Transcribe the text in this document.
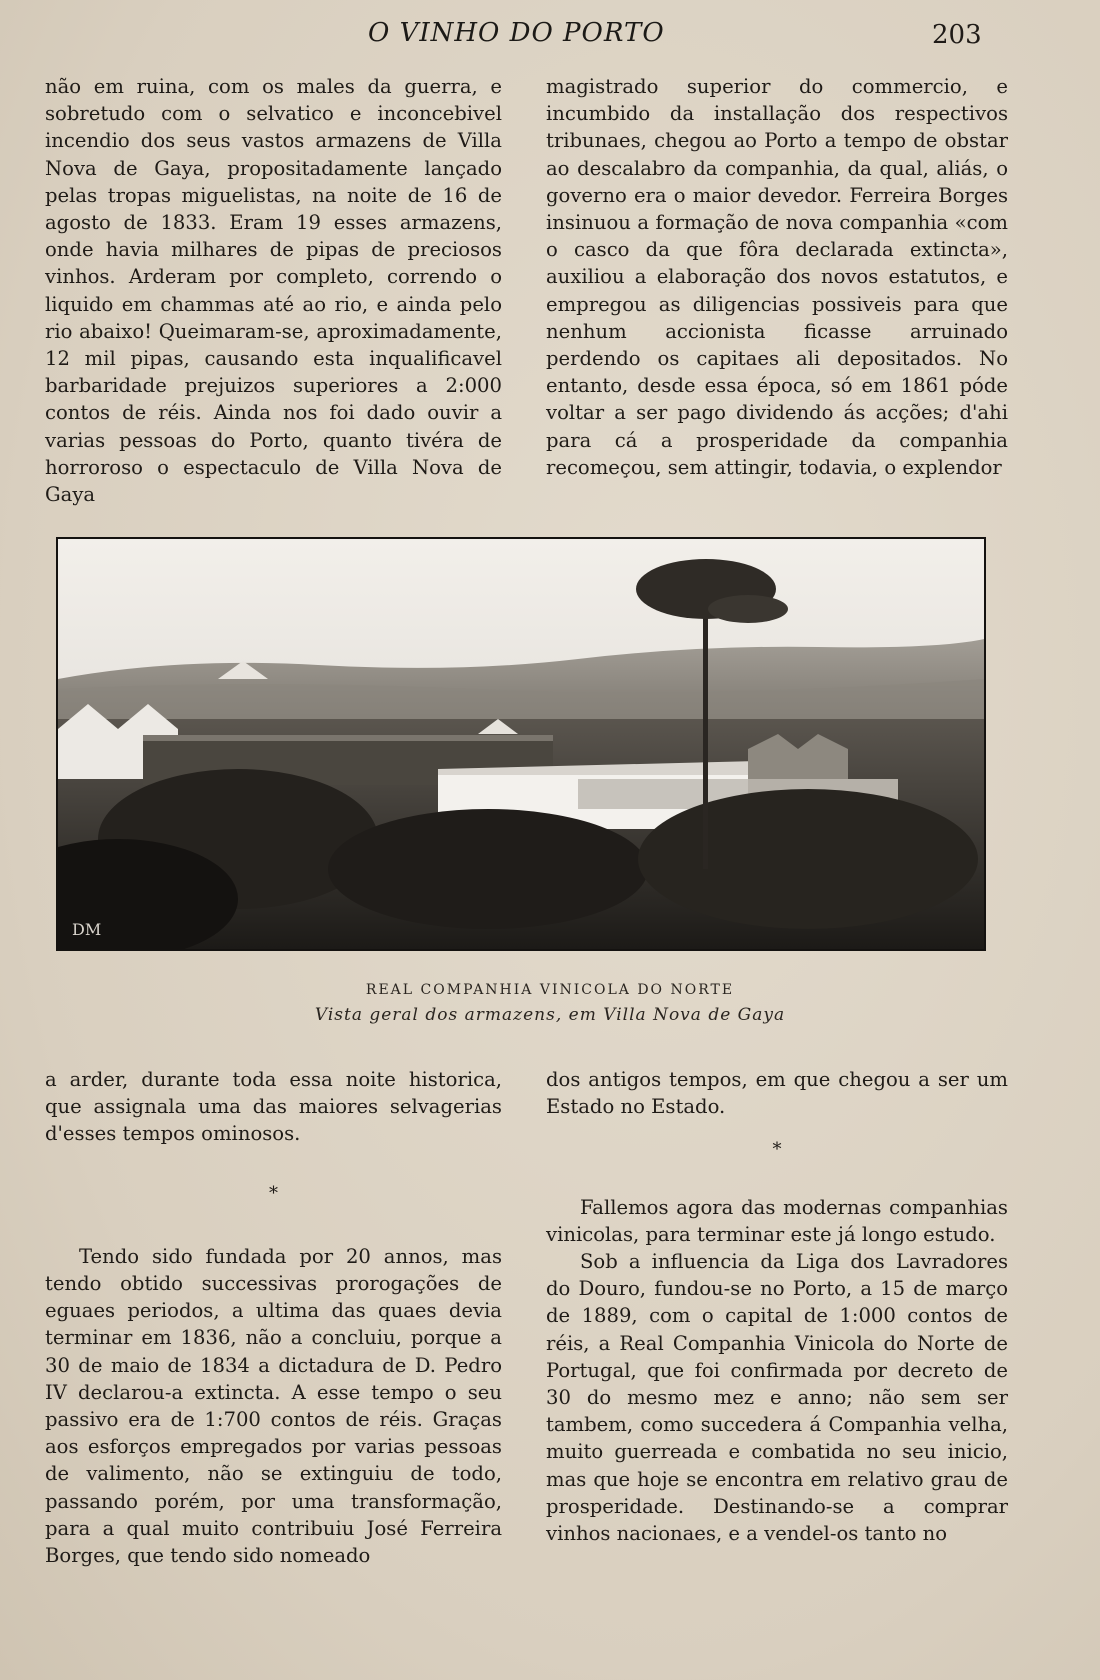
O VINHO DO PORTO	203

não em ruina, com os males da guerra, e sobretudo com o selvatico e inconcebivel incendio dos seus vastos armazens de Villa Nova de Gaya, propositadamente lançado pelas tropas miguelistas, na noite de 16 de agosto de 1833. Eram 19 esses armazens, onde havia milhares de pipas de preciosos vinhos. Arderam por completo, correndo o liquido em chammas até ao rio, e ainda pelo rio abaixo! Queimaram-se, aproximadamente, 12 mil pipas, causando esta inqualificavel barbaridade prejuizos superiores a 2:000 contos de réis. Ainda nos foi dado ouvir a varias pessoas do Porto, quanto tivéra de horroroso o espectaculo de Villa Nova de Gaya

magistrado superior do commercio, e incumbido da installação dos respectivos tribunaes, chegou ao Porto a tempo de obstar ao descalabro da companhia, da qual, aliás, o governo era o maior devedor. Ferreira Borges insinuou a formação de nova companhia «com o casco da que fôra declarada extincta», auxiliou a elaboração dos novos estatutos, e empregou as diligencias possiveis para que nenhum accionista ficasse arruinado perdendo os capitaes ali depositados. No entanto, desde essa época, só em 1861 póde voltar a ser pago dividendo ás acções; d'ahi para cá a prosperidade da companhia recomeçou, sem attingir, todavia, o explendor

DM
REAL COMPANHIA VINICOLA DO NORTE
Vista geral dos armazens, em Villa Nova de Gaya

a arder, durante toda essa noite historica, que assignala uma das maiores selvagerias d'esses tempos ominosos.

*

Tendo sido fundada por 20 annos, mas tendo obtido successivas prorogações de eguaes periodos, a ultima das quaes devia terminar em 1836, não a concluiu, porque a 30 de maio de 1834 a dictadura de D. Pedro IV declarou-a extincta. A esse tempo o seu passivo era de 1:700 contos de réis. Graças aos esforços empregados por varias pessoas de valimento, não se extinguiu de todo, passando porém, por uma transformação, para a qual muito contribuiu José Ferreira Borges, que tendo sido nomeado

dos antigos tempos, em que chegou a ser um Estado no Estado.

*

Fallemos agora das modernas companhias vinicolas, para terminar este já longo estudo.

Sob a influencia da Liga dos Lavradores do Douro, fundou-se no Porto, a 15 de março de 1889, com o capital de 1:000 contos de réis, a Real Companhia Vinicola do Norte de Portugal, que foi confirmada por decreto de 30 do mesmo mez e anno; não sem ser tambem, como succedera á Companhia velha, muito guerreada e combatida no seu inicio, mas que hoje se encontra em relativo grau de prosperidade. Destinando-se a comprar vinhos nacionaes, e a vendel-os tanto no
